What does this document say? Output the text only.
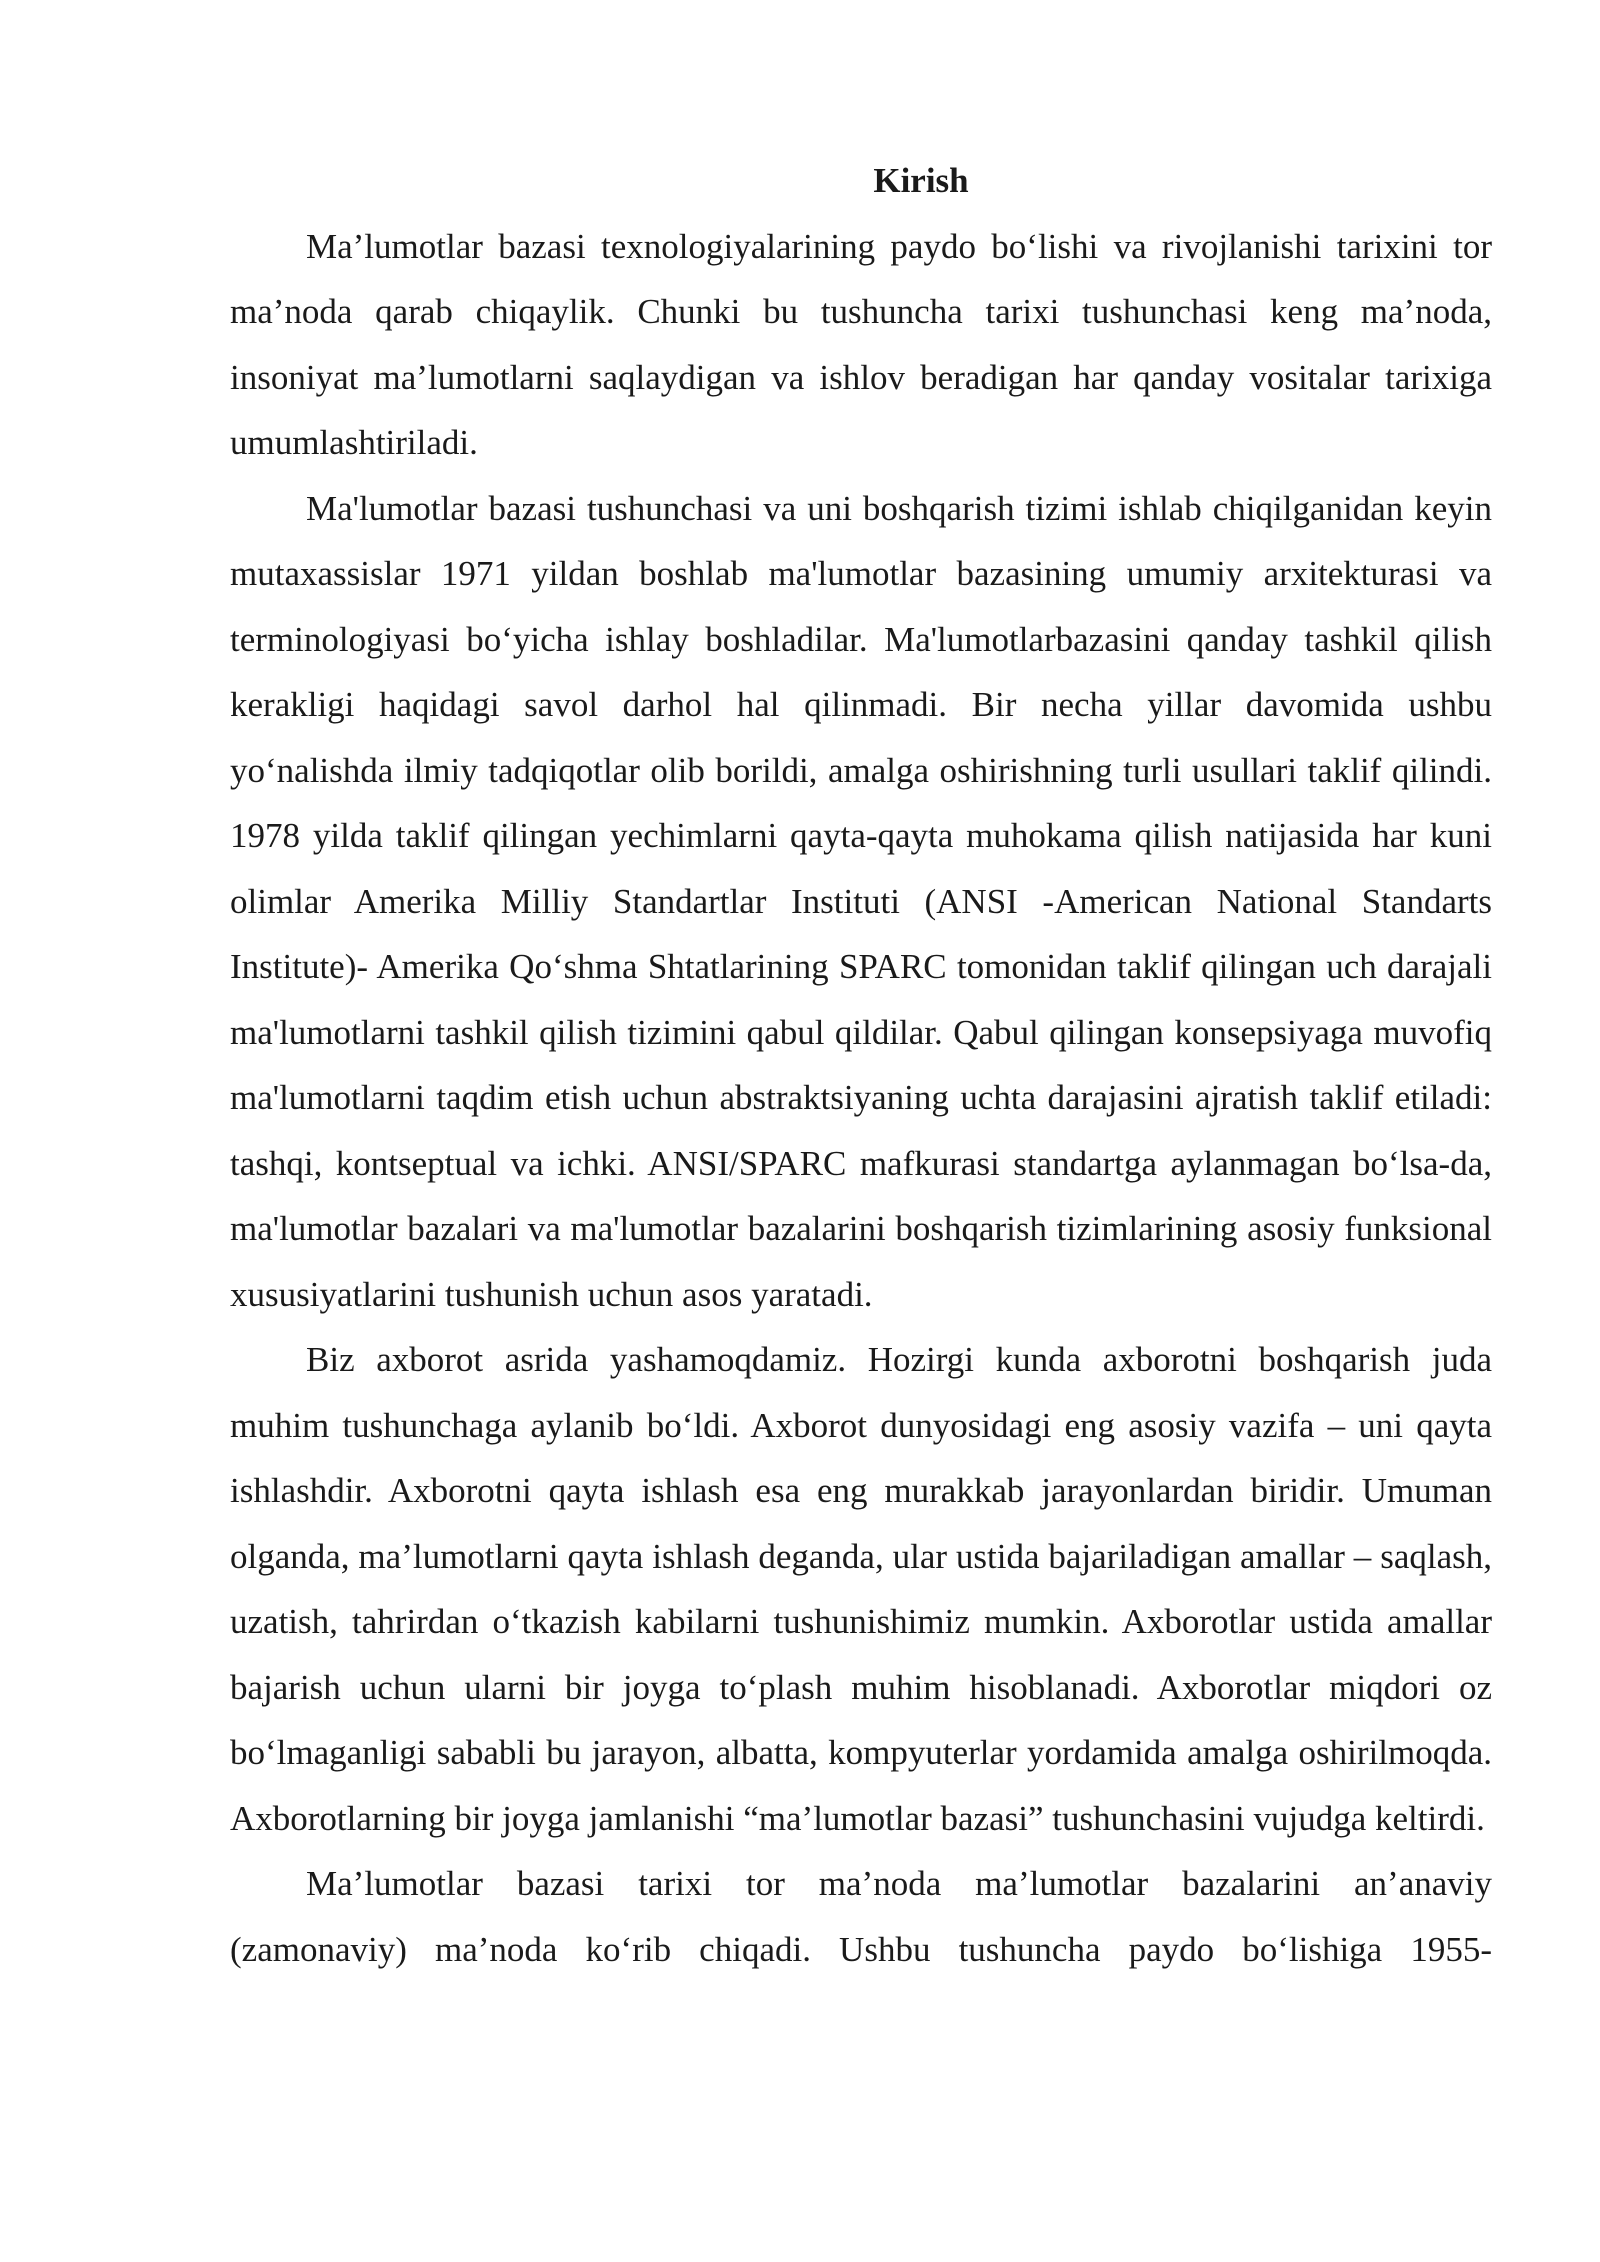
Kirish

Ma’lumotlar bazasi texnologiyalarining paydo bo‘lishi va rivojlanishi tarixini tor ma’noda qarab chiqaylik. Chunki bu tushuncha tarixi tushunchasi keng ma’noda, insoniyat ma’lumotlarni saqlaydigan va ishlov beradigan har qanday vositalar tarixiga umumlashtiriladi.

Ma'lumotlar bazasi tushunchasi va uni boshqarish tizimi ishlab chiqilganidan keyin mutaxassislar 1971 yildan boshlab ma'lumotlar bazasining umumiy arxitekturasi va terminologiyasi bo‘yicha ishlay boshladilar. Ma'lumotlarbazasini qanday tashkil qilish kerakligi haqidagi savol darhol hal qilinmadi. Bir necha yillar davomida ushbu yo‘nalishda ilmiy tadqiqotlar olib borildi, amalga oshirishning turli usullari taklif qilindi. 1978 yilda taklif qilingan yechimlarni qayta-qayta muhokama qilish natijasida har kuni olimlar Amerika Milliy Standartlar Instituti (ANSI -American National Standarts Institute)- Amerika Qo‘shma Shtatlarining SPARC tomonidan taklif qilingan uch darajali ma'lumotlarni tashkil qilish tizimini qabul qildilar. Qabul qilingan konsepsiyaga muvofiq ma'lumotlarni taqdim etish uchun abstraktsiyaning uchta darajasini ajratish taklif etiladi: tashqi, kontseptual va ichki. ANSI/SPARC mafkurasi standartga aylanmagan bo‘lsa-da, ma'lumotlar bazalari va ma'lumotlar bazalarini boshqarish tizimlarining asosiy funksional xususiyatlarini tushunish uchun asos yaratadi.

Biz axborot asrida yashamoqdamiz. Hozirgi kunda axborotni boshqarish juda muhim tushunchaga aylanib bo‘ldi. Axborot dunyosidagi eng asosiy vazifa – uni qayta ishlashdir. Axborotni qayta ishlash esa eng murakkab jarayonlardan biridir. Umuman olganda, ma’lumotlarni qayta ishlash deganda, ular ustida bajariladigan amallar – saqlash, uzatish, tahrirdan o‘tkazish kabilarni tushunishimiz mumkin. Axborotlar ustida amallar bajarish uchun ularni bir joyga to‘plash muhim hisoblanadi. Axborotlar miqdori oz bo‘lmaganligi sababli bu jarayon, albatta, kompyuterlar yordamida amalga oshirilmoqda. Axborotlarning bir joyga jamlanishi “ma’lumotlar bazasi” tushunchasini vujudga keltirdi.

Ma’lumotlar bazasi tarixi tor ma’noda ma’lumotlar bazalarini an’anaviy (zamonaviy) ma’noda ko‘rib chiqadi. Ushbu tushuncha paydo bo‘lishiga 1955-
